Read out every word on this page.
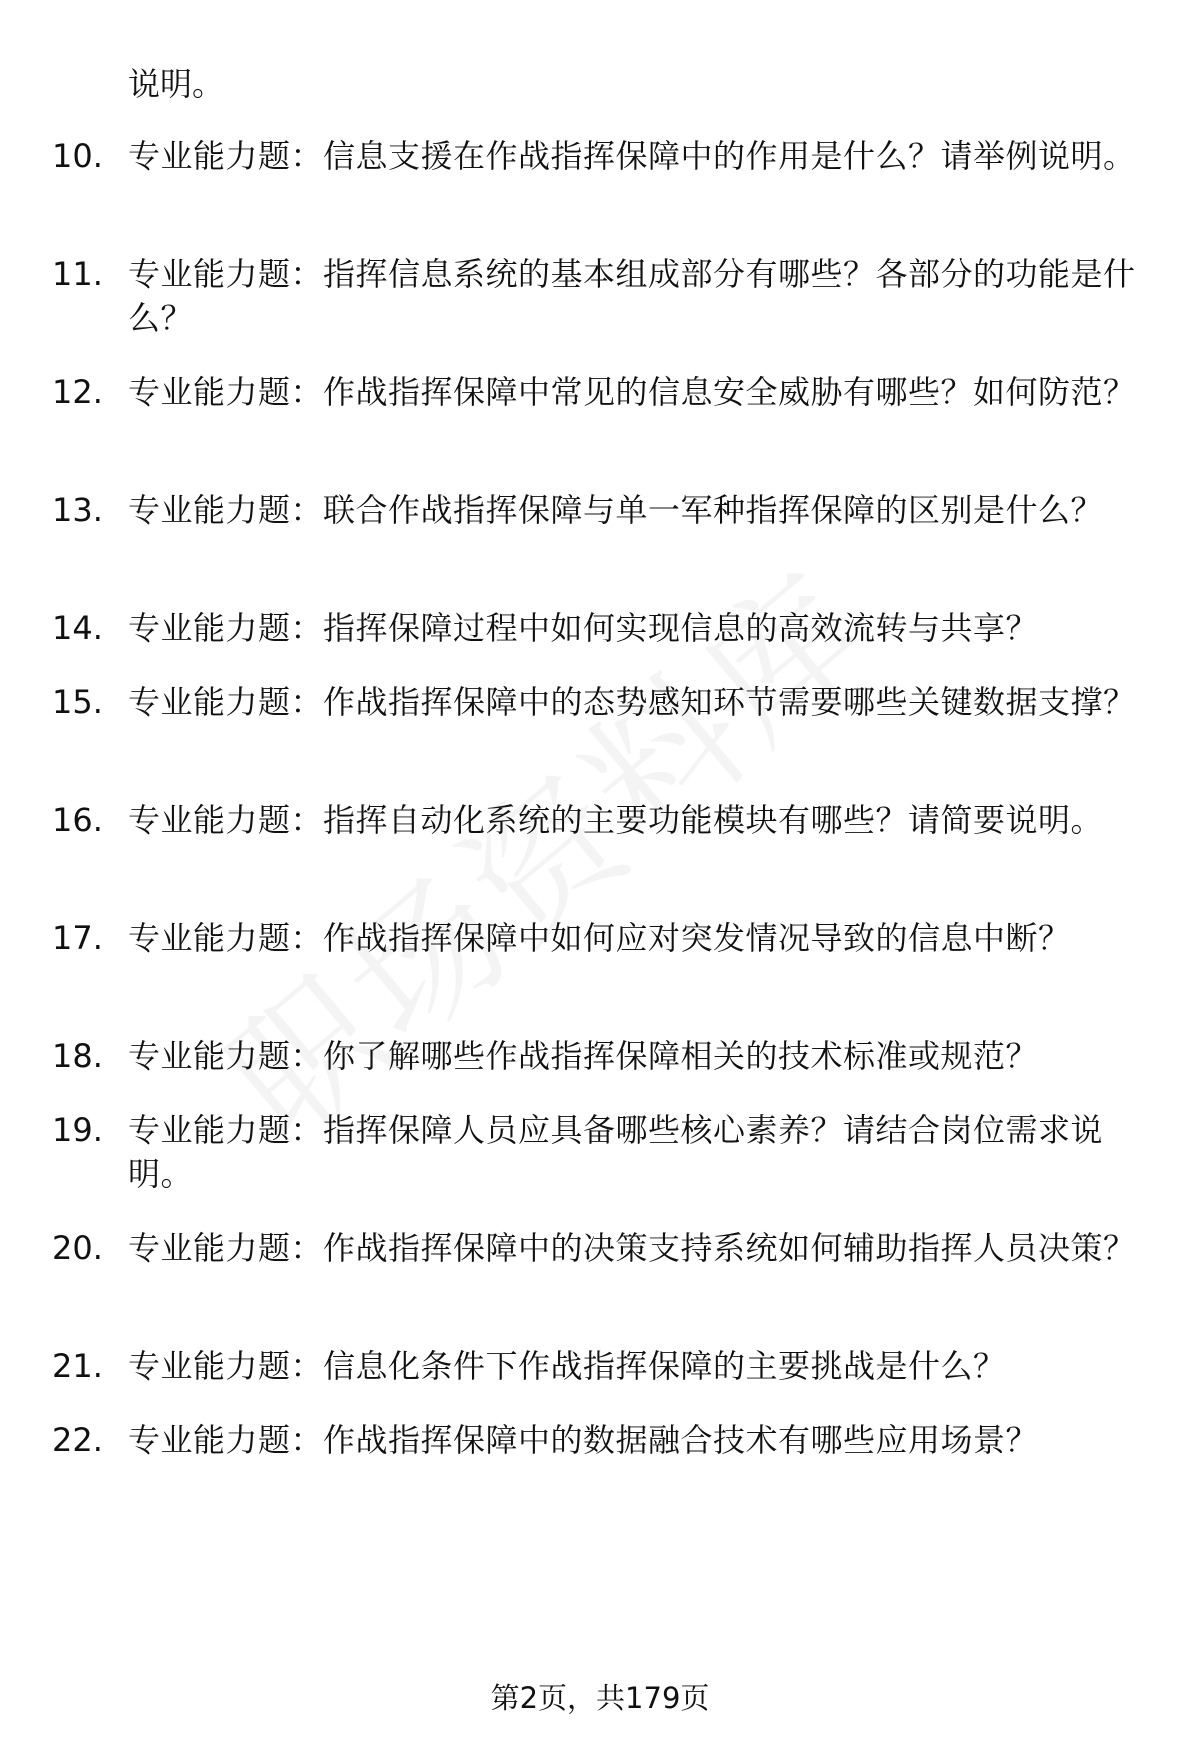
说明。
10. 专业能力题：信息支援在作战指挥保障中的作用是什么？请举例说明。
11. 专业能力题：指挥信息系统的基本组成部分有哪些？各部分的功能是什么？
12. 专业能力题：作战指挥保障中常见的信息安全威胁有哪些？如何防范？
13. 专业能力题：联合作战指挥保障与单一军种指挥保障的区别是什么？
14. 专业能力题：指挥保障过程中如何实现信息的高效流转与共享？
15. 专业能力题：作战指挥保障中的态势感知环节需要哪些关键数据支撑？
16. 专业能力题：指挥自动化系统的主要功能模块有哪些？请简要说明。
17. 专业能力题：作战指挥保障中如何应对突发情况导致的信息中断？
18. 专业能力题：你了解哪些作战指挥保障相关的技术标准或规范？
19. 专业能力题：指挥保障人员应具备哪些核心素养？请结合岗位需求说明。
20. 专业能力题：作战指挥保障中的决策支持系统如何辅助指挥人员决策？
21. 专业能力题：信息化条件下作战指挥保障的主要挑战是什么？
22. 专业能力题：作战指挥保障中的数据融合技术有哪些应用场景？
第2页，共179页
